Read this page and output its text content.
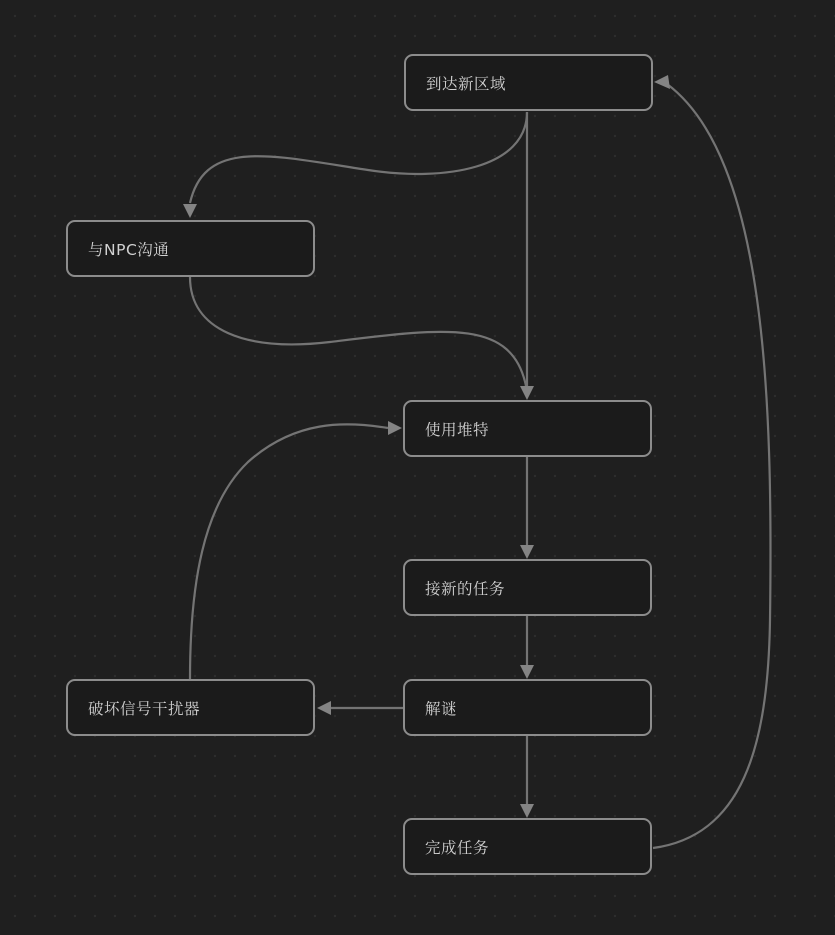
到达新区域
与NPC沟通
使用堆特
接新的任务
解谜
破坏信号干扰器
完成任务
